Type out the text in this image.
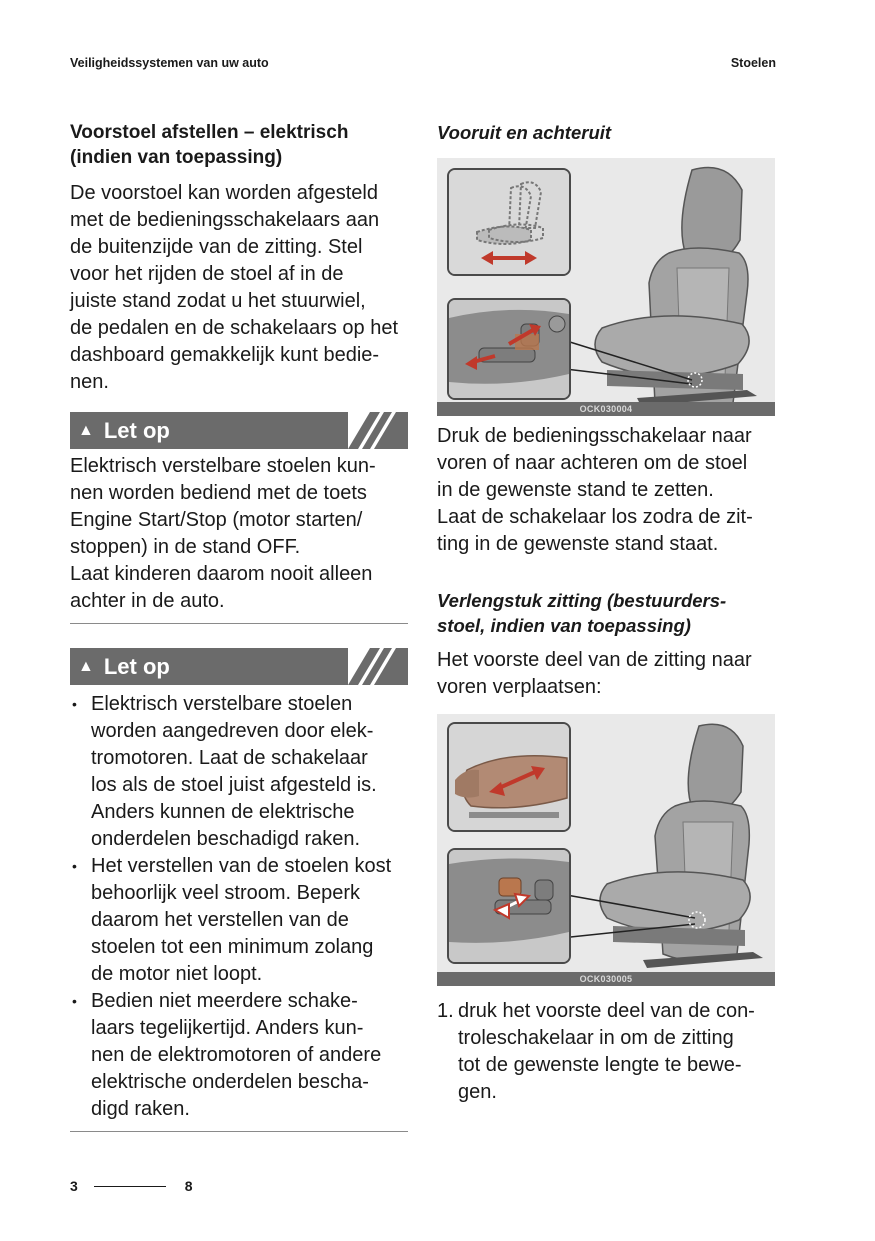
Veiligheidssystemen van uw auto	Stoelen

Voorstoel afstellen – elektrisch
(indien van toepassing)

De voorstoel kan worden afgesteld
met de bedieningsschakelaars aan
de buitenzijde van de zitting. Stel
voor het rijden de stoel af in de
juiste stand zodat u het stuurwiel,
de pedalen en de schakelaars op het
dashboard gemakkelijk kunt bedie-
nen.

▲ Let op

Elektrisch verstelbare stoelen kun-
nen worden bediend met de toets
Engine Start/Stop (motor starten/
stoppen) in de stand OFF.
Laat kinderen daarom nooit alleen
achter in de auto.

▲ Let op
• Elektrisch verstelbare stoelen
worden aangedreven door elek-
tromotoren. Laat de schakelaar
los als de stoel juist afgesteld is.
Anders kunnen de elektrische
onderdelen beschadigd raken.
• Het verstellen van de stoelen kost
behoorlijk veel stroom. Beperk
daarom het verstellen van de
stoelen tot een minimum zolang
de motor niet loopt.
• Bedien niet meerdere schake-
laars tegelijkertijd. Anders kun-
nen de elektromotoren of andere
elektrische onderdelen bescha-
digd raken.

Vooruit en achteruit

OCK030004

Druk de bedieningsschakelaar naar
voren of naar achteren om de stoel
in de gewenste stand te zetten.
Laat de schakelaar los zodra de zit-
ting in de gewenste stand staat.

Verlengstuk zitting (bestuurders-
stoel, indien van toepassing)

Het voorste deel van de zitting naar
voren verplaatsen:

OCK030005

1. druk het voorste deel van de con-
troleschakelaar in om de zitting
tot de gewenste lengte te bewe-
gen.

3	8
